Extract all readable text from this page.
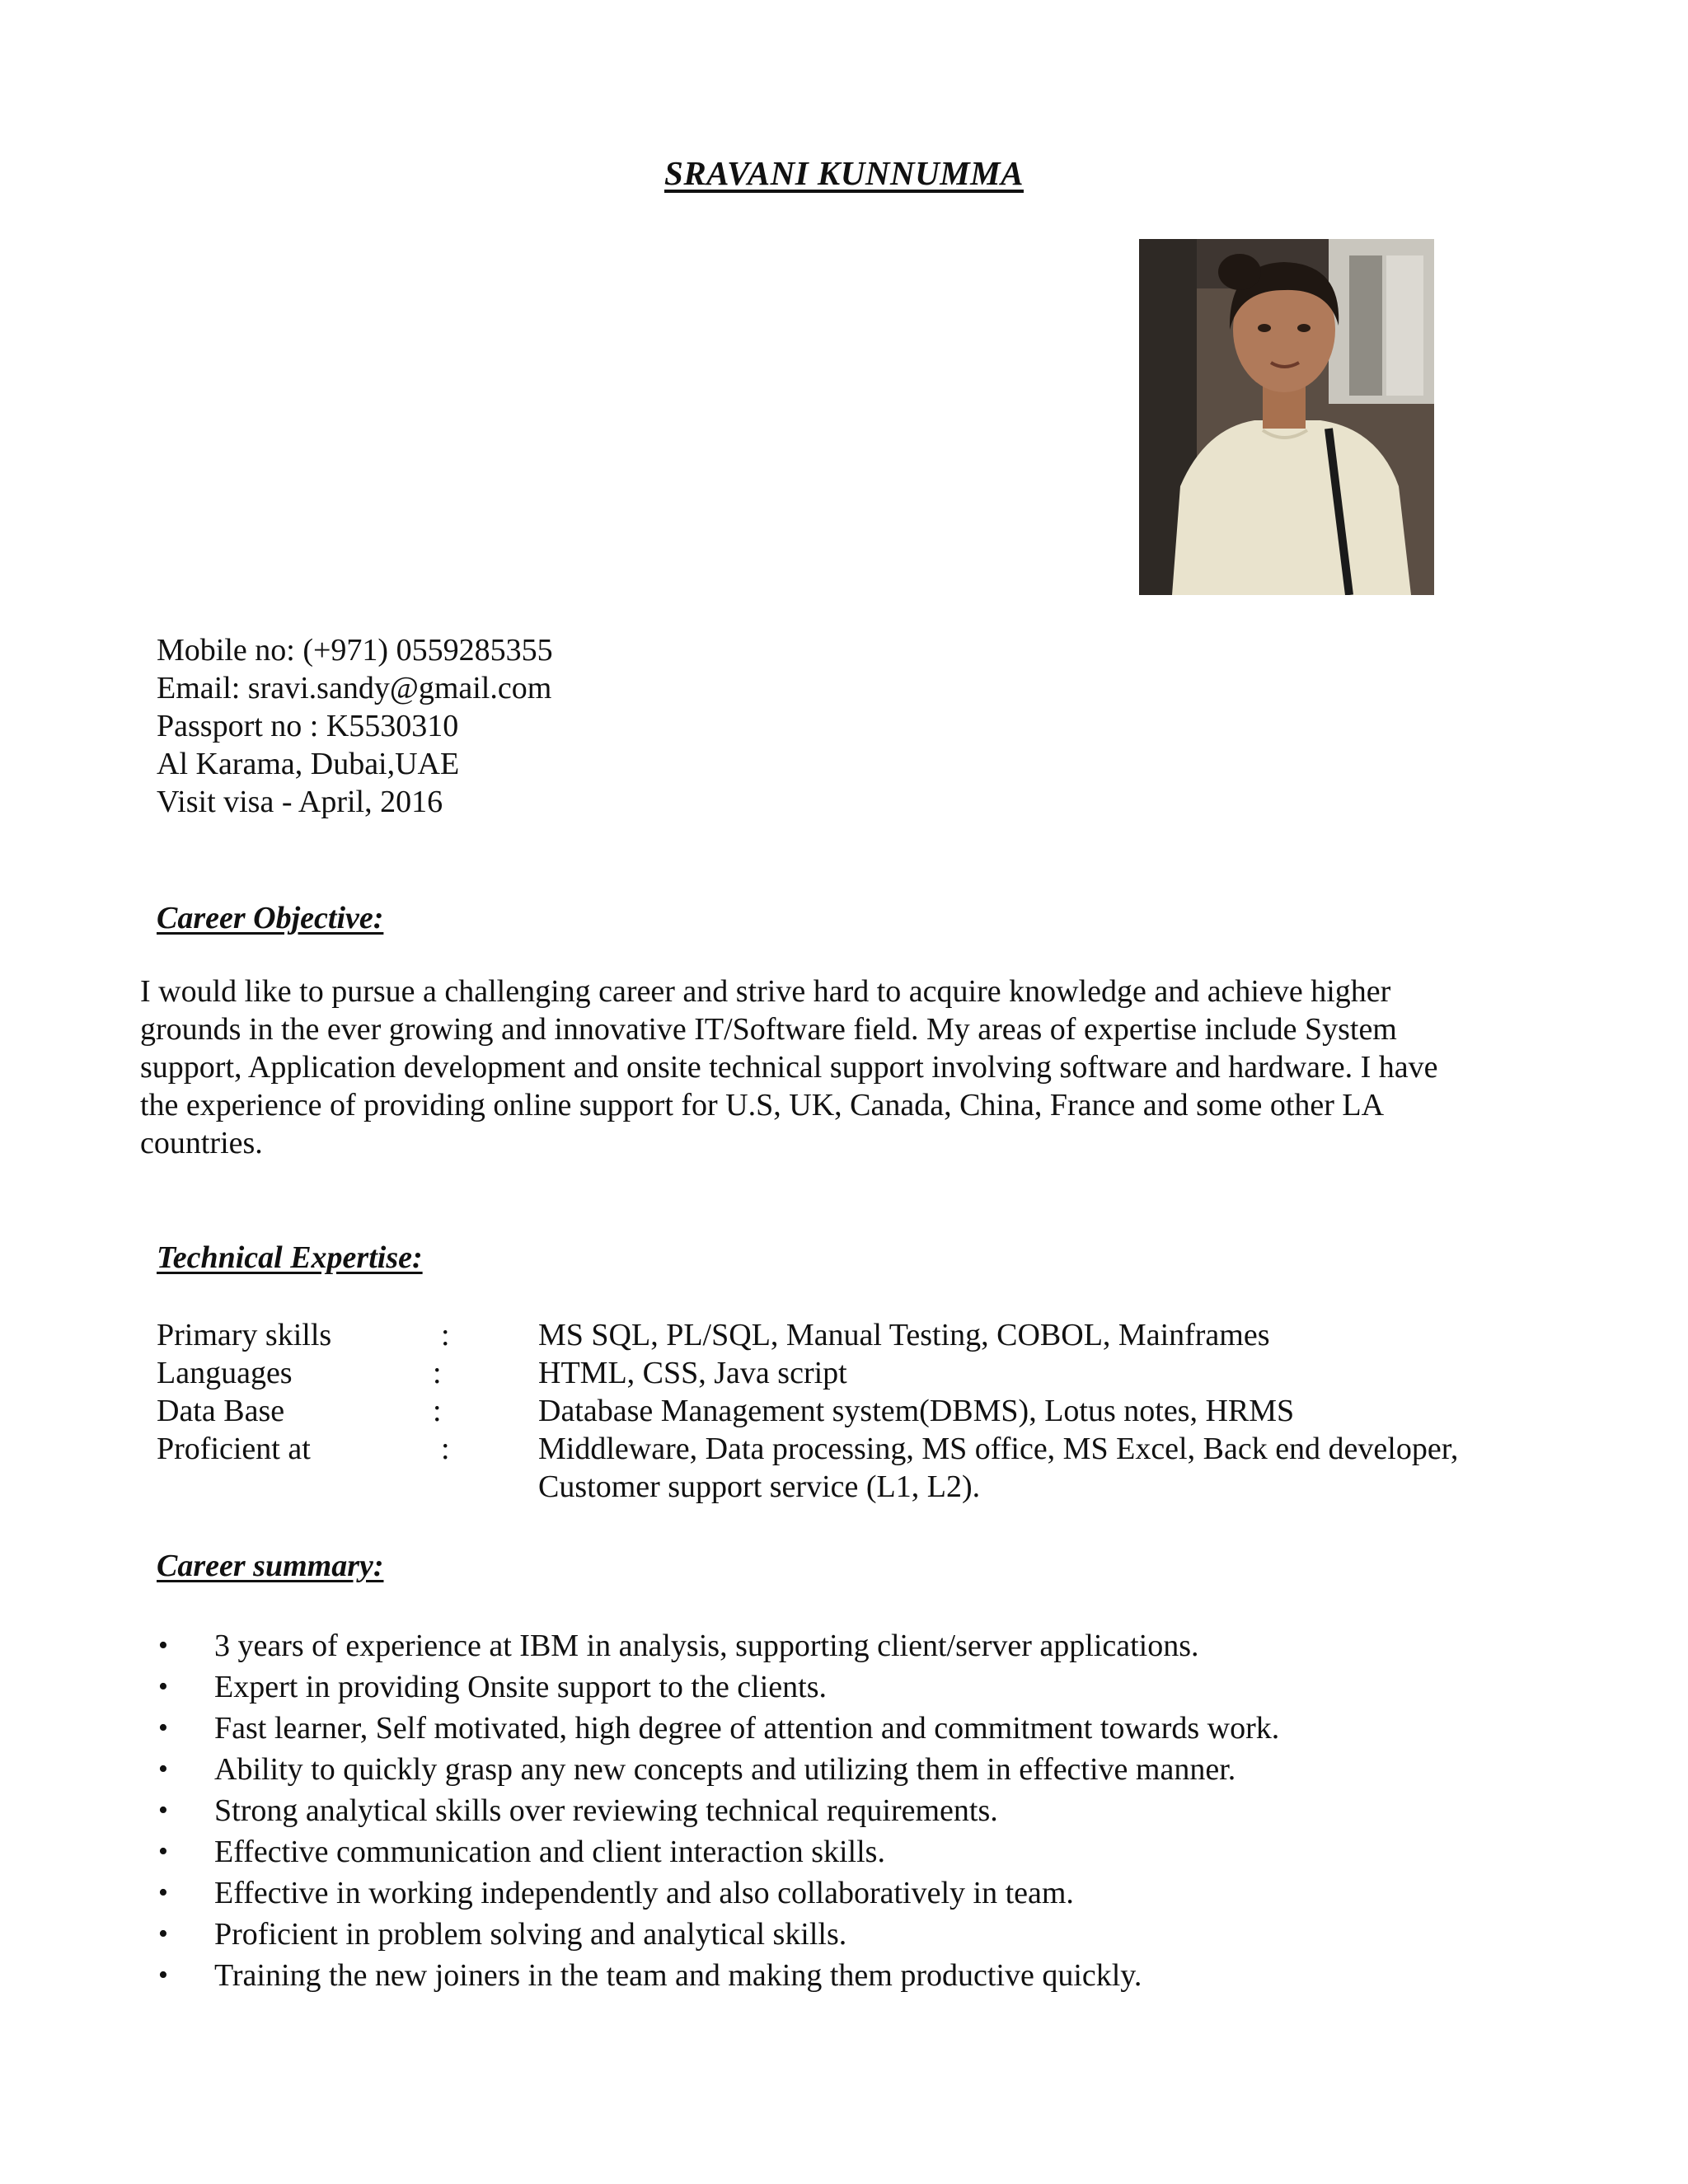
SRAVANI KUNNUMMA
Mobile no: (+971) 0559285355
Email: sravi.sandy@gmail.com
Passport no : K5530310
Al Karama, Dubai,UAE
Visit visa - April, 2016
Career Objective:
I would like to pursue a challenging career and strive hard to acquire knowledge and achieve higher
grounds in the ever growing and innovative IT/Software field. My areas of expertise include System
support, Application development and onsite technical support involving software and hardware. I have
the experience of providing online support for U.S, UK, Canada, China, France and some other LA
countries.
Technical Expertise:
Primary skills	:	MS SQL, PL/SQL, Manual Testing, COBOL, Mainframes
Languages	:	HTML, CSS, Java script
Data Base	:	Database Management system(DBMS), Lotus notes, HRMS
Proficient at	:	Middleware, Data processing, MS office, MS Excel, Back end developer,
Customer support service (L1, L2).
Career summary:
• 3 years of experience at IBM in analysis, supporting client/server applications.
• Expert in providing Onsite support to the clients.
• Fast learner, Self motivated, high degree of attention and commitment towards work.
• Ability to quickly grasp any new concepts and utilizing them in effective manner.
• Strong analytical skills over reviewing technical requirements.
• Effective communication and client interaction skills.
• Effective in working independently and also collaboratively in team.
• Proficient in problem solving and analytical skills.
• Training the new joiners in the team and making them productive quickly.
